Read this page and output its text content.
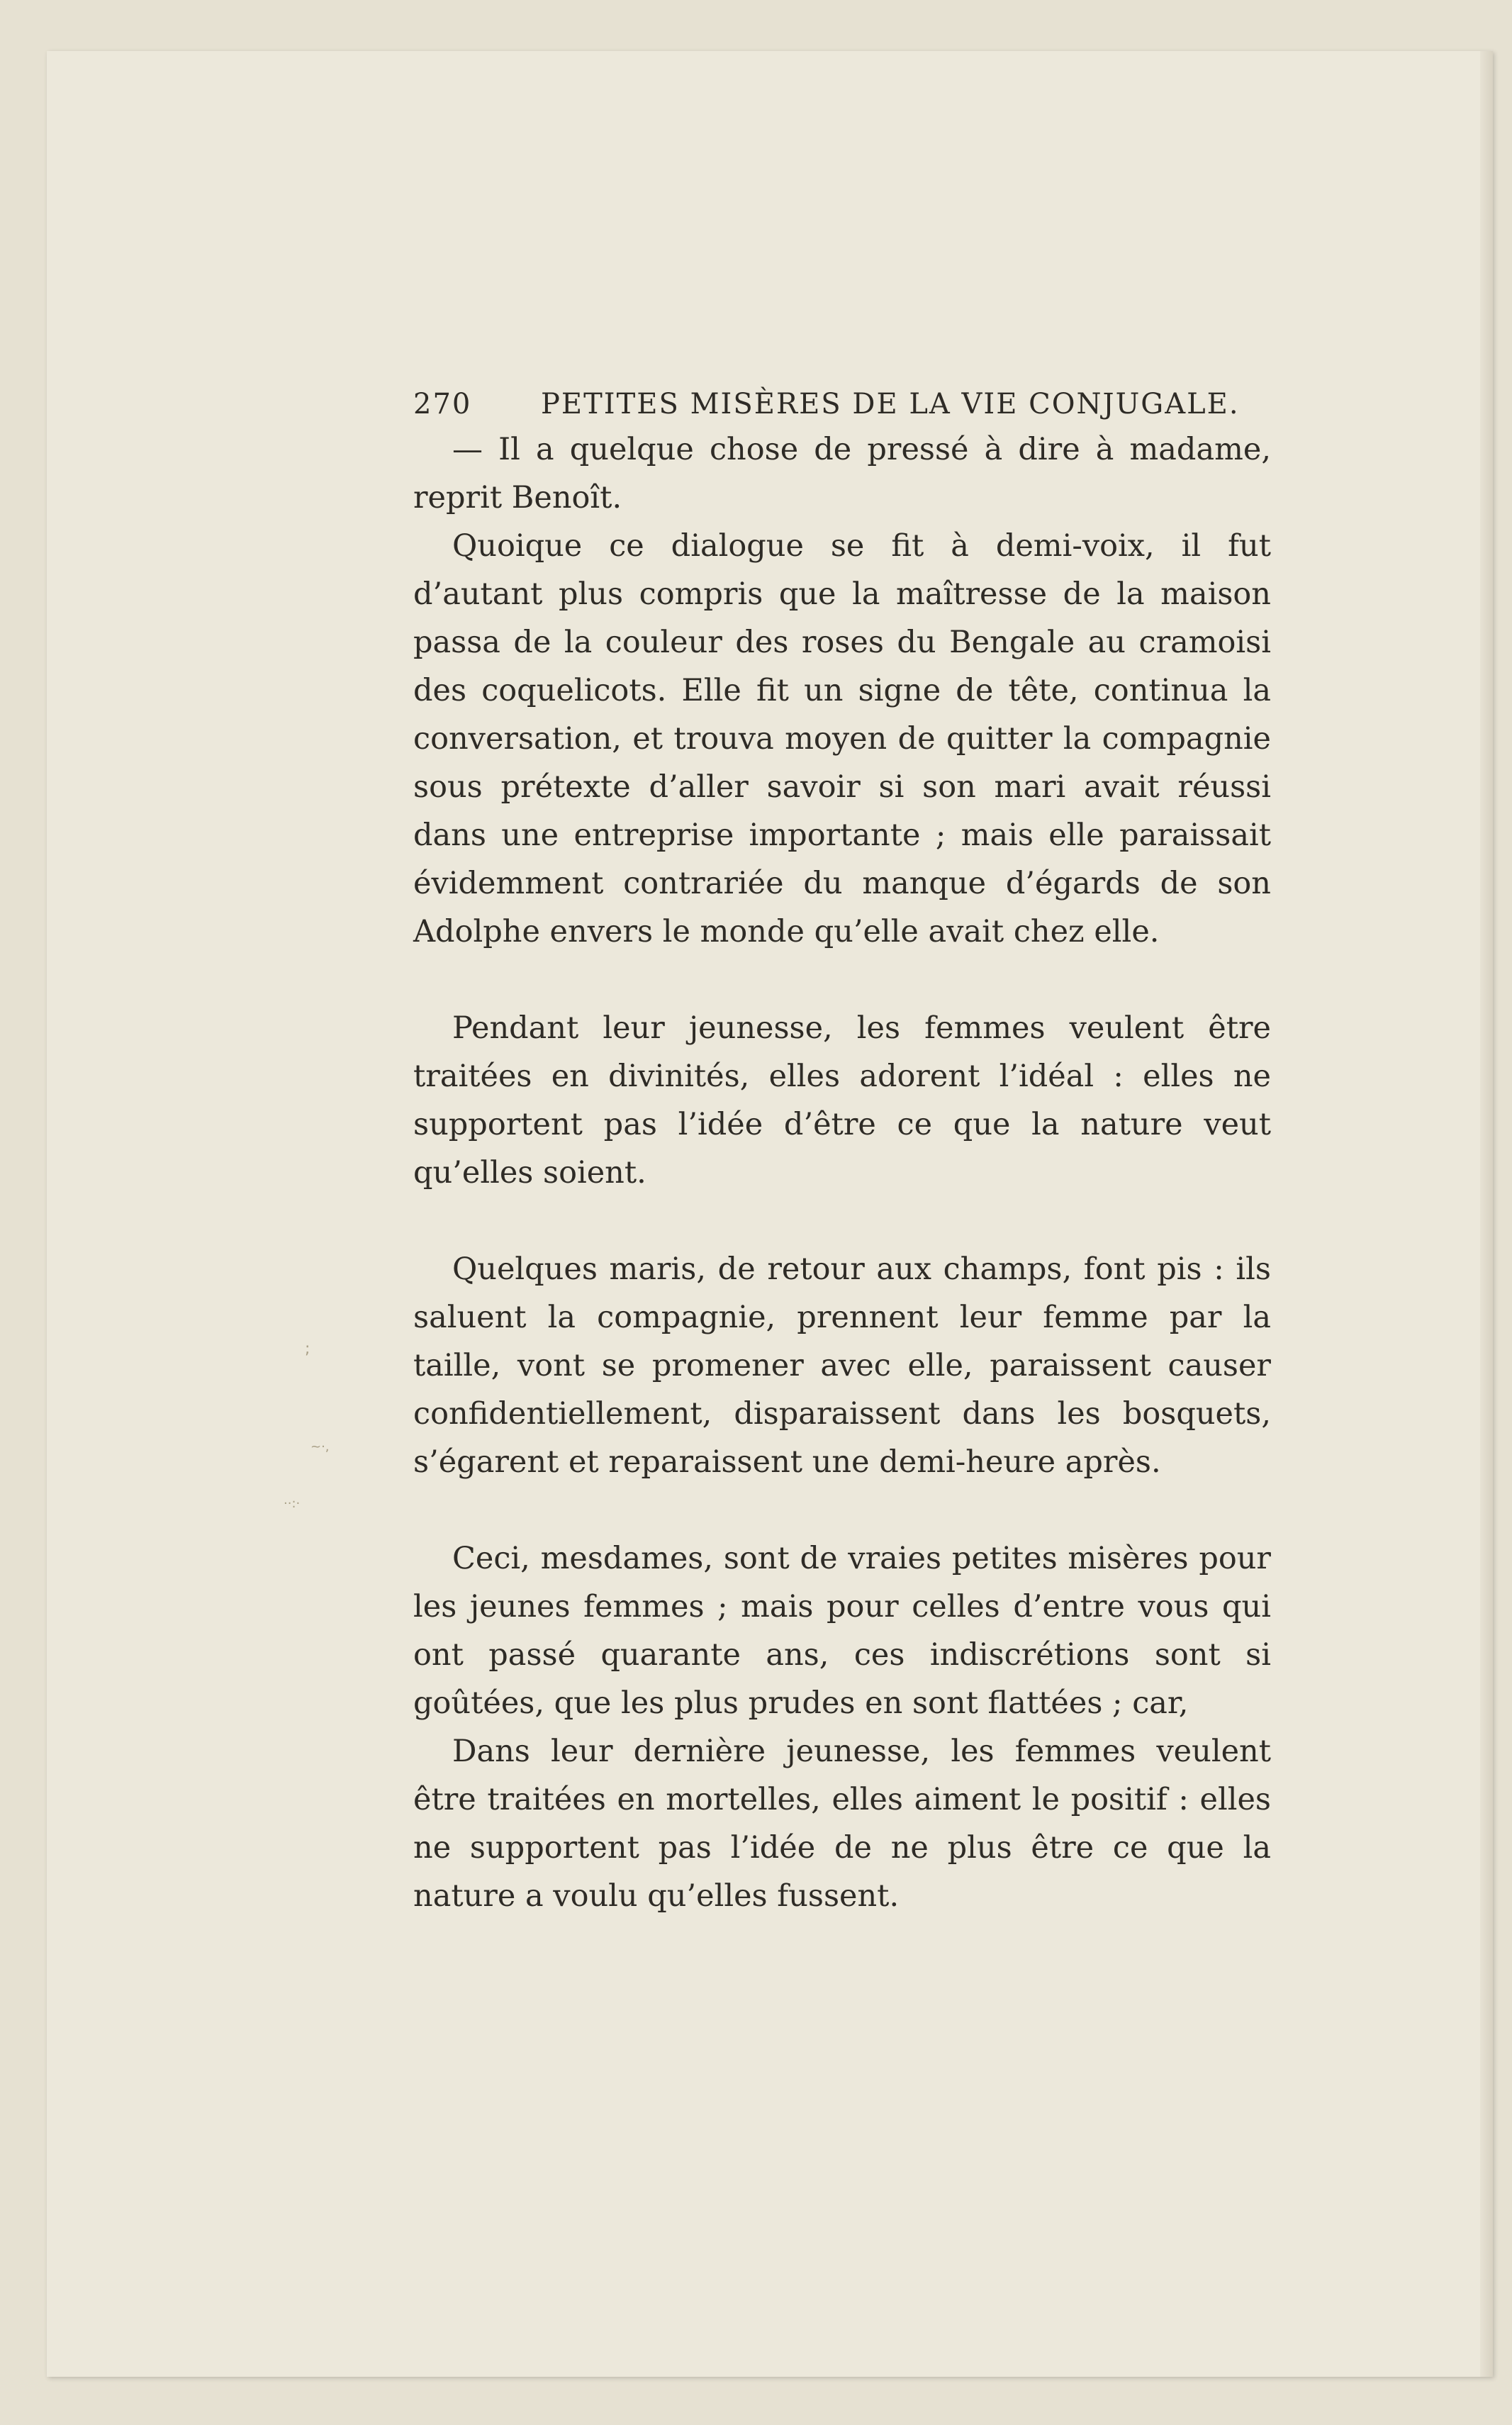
;
~·,
··:·
270 PETITES MISÈRES DE LA VIE CONJUGALE.

— Il a quelque chose de pressé à dire à madame, reprit Benoît.

Quoique ce dialogue se fit à demi-voix, il fut d’autant plus compris que la maîtresse de la maison passa de la couleur des roses du Bengale au cramoisi des coquelicots. Elle fit un signe de tête, continua la conversation, et trouva moyen de quitter la compagnie sous prétexte d’aller savoir si son mari avait réussi dans une entreprise importante ; mais elle paraissait évidemment contrariée du manque d’égards de son Adolphe envers le monde qu’elle avait chez elle.

Pendant leur jeunesse, les femmes veulent être traitées en divinités, elles adorent l’idéal : elles ne supportent pas l’idée d’être ce que la nature veut qu’elles soient.

Quelques maris, de retour aux champs, font pis : ils saluent la compagnie, prennent leur femme par la taille, vont se promener avec elle, paraissent causer confidentiellement, disparaissent dans les bosquets, s’égarent et reparaissent une demi-heure après.

Ceci, mesdames, sont de vraies petites misères pour les jeunes femmes ; mais pour celles d’entre vous qui ont passé quarante ans, ces indiscrétions sont si goûtées, que les plus prudes en sont flattées ; car,

Dans leur dernière jeunesse, les femmes veulent être traitées en mortelles, elles aiment le positif : elles ne supportent pas l’idée de ne plus être ce que la nature a voulu qu’elles fussent.
